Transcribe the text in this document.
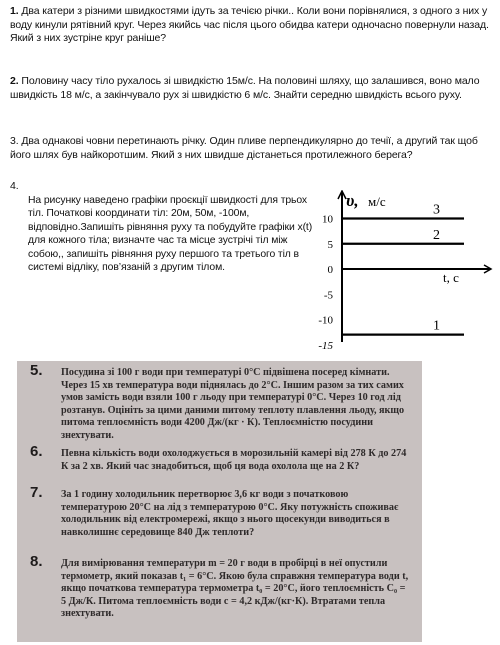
1. Два катери з різними швидкостями ідуть за течією річки.. Коли вони порівнялися, з одного з них у воду кинули рятівний круг. Через якийсь час після цього обидва катери одночасно повернули назад. Який з них зустріне круг раніше?
2. Половину часу тіло рухалось зі швидкістю 15м/с. На половині шляху, що залашився, воно мало швидкість 18 м/с, а закінчувало рух зі швидкістю 6 м/с. Знайти середню швидкість всього руху.
3. Два однакові човни перетинають річку. Один пливе перпендикулярно до течії, а другий так щоб його шлях був найкоротшим. Який з них швидше дістанеться протилежного берега?
4.
На рисунку наведено графіки проєкції швидкості для трьох тіл. Початкові координати тіл: 20м, 50м, -100м, відповідно.Запишіть рівняння руху та побудуйте графіки x(t) для кожного тіла; визначте час та місце зустрічі тіл між собою,, запишіть рівняння руху першого та третього тіл в системі відліку, пов’язаній з другим тілом.
10
5
0
-5
-10
-15
3
2
1
υ, м/с
t, c
5.	Посудина зі 100 г води при температурі 0°С підвішена посеред кімнати. Через 15 хв температура води піднялась до 2°С. Іншим разом за тих самих умов замість води взяли 100 г льоду при температурі 0°С. Через 10 год лід розтанув. Оцініть за цими даними питому теплоту плавлення льоду, якщо питома теплоємність води 4200 Дж/(кг · К). Теплоємністю посудини знехтувати.
6.	Певна кількість води охолоджується в морозильній камері від 278 К до 274 К за 2 хв. Який час знадобиться, щоб ця вода охолола ще на 2 К?
7.	За 1 годину холодильник перетворює 3,6 кг води з початковою температурою 20°С на лід з температурою 0°С. Яку потужність споживає холодильник від електромережі, якщо з нього щосекунди виводиться в навколишнє середовище 840 Дж теплоти?
8.	Для вимірювання температури m = 20 г води в пробірці в неї опустили термометр, який показав t₁ = 6°С. Якою була справжня температура води t, якщо початкова температура термометра t₀ = 20°С, його теплоємність C₀ = 5 Дж/К. Питома теплоємність води c = 4,2 кДж/(кг·К). Втратами тепла знехтувати.
